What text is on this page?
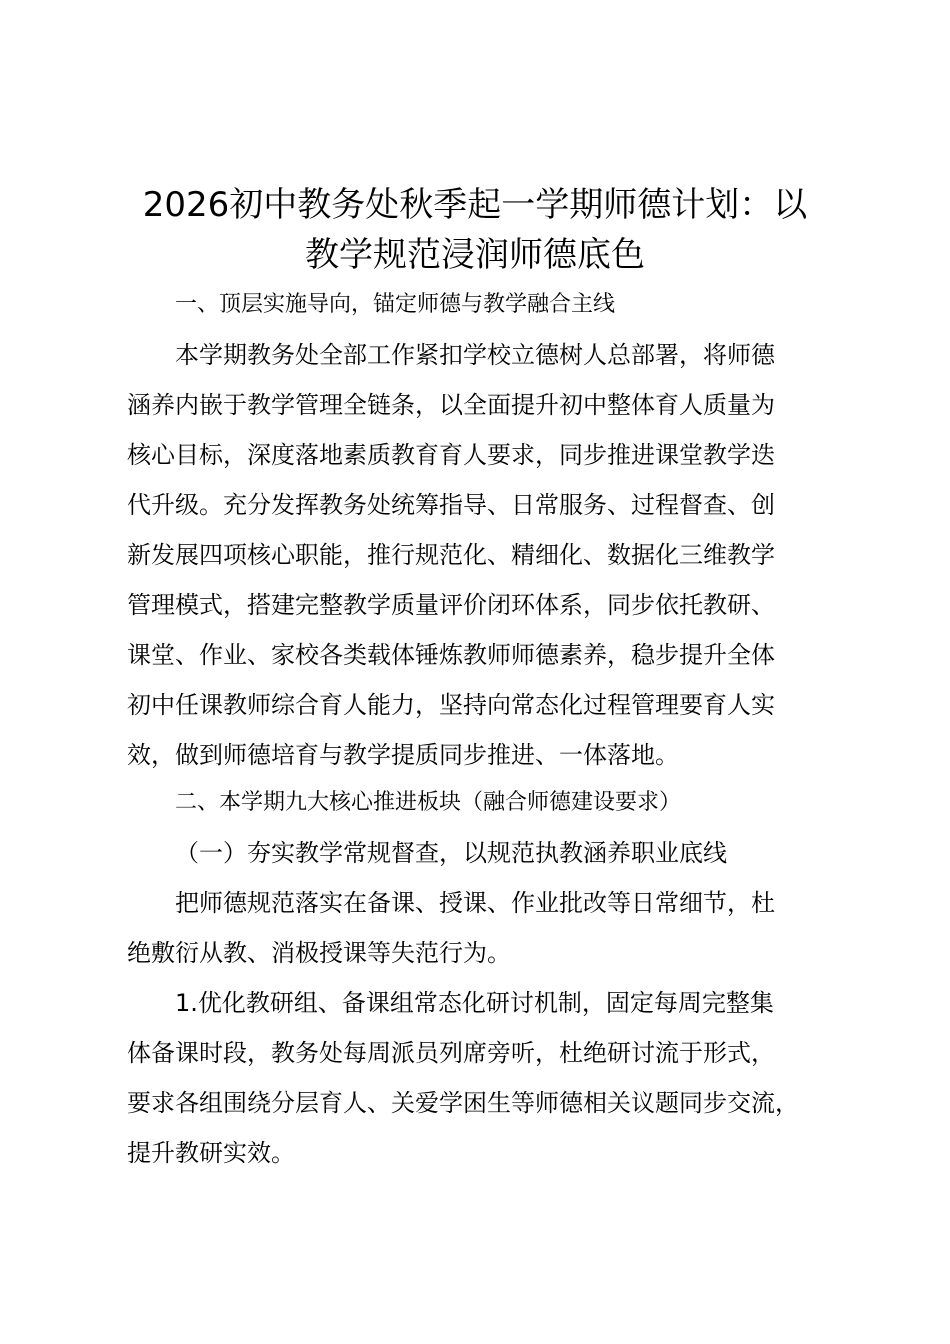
2026初中教务处秋季起一学期师德计划：以
教学规范浸润师德底色

一、顶层实施导向，锚定师德与教学融合主线

本学期教务处全部工作紧扣学校立德树人总部署，将师德

涵养内嵌于教学管理全链条，以全面提升初中整体育人质量为

核心目标，深度落地素质教育育人要求，同步推进课堂教学迭

代升级。充分发挥教务处统筹指导、日常服务、过程督查、创

新发展四项核心职能，推行规范化、精细化、数据化三维教学

管理模式，搭建完整教学质量评价闭环体系，同步依托教研、

课堂、作业、家校各类载体锤炼教师师德素养，稳步提升全体

初中任课教师综合育人能力，坚持向常态化过程管理要育人实

效，做到师德培育与教学提质同步推进、一体落地。

二、本学期九大核心推进板块（融合师德建设要求）

（一）夯实教学常规督查，以规范执教涵养职业底线

把师德规范落实在备课、授课、作业批改等日常细节，杜

绝敷衍从教、消极授课等失范行为。

1.优化教研组、备课组常态化研讨机制，固定每周完整集

体备课时段，教务处每周派员列席旁听，杜绝研讨流于形式，

要求各组围绕分层育人、关爱学困生等师德相关议题同步交流，

提升教研实效。
